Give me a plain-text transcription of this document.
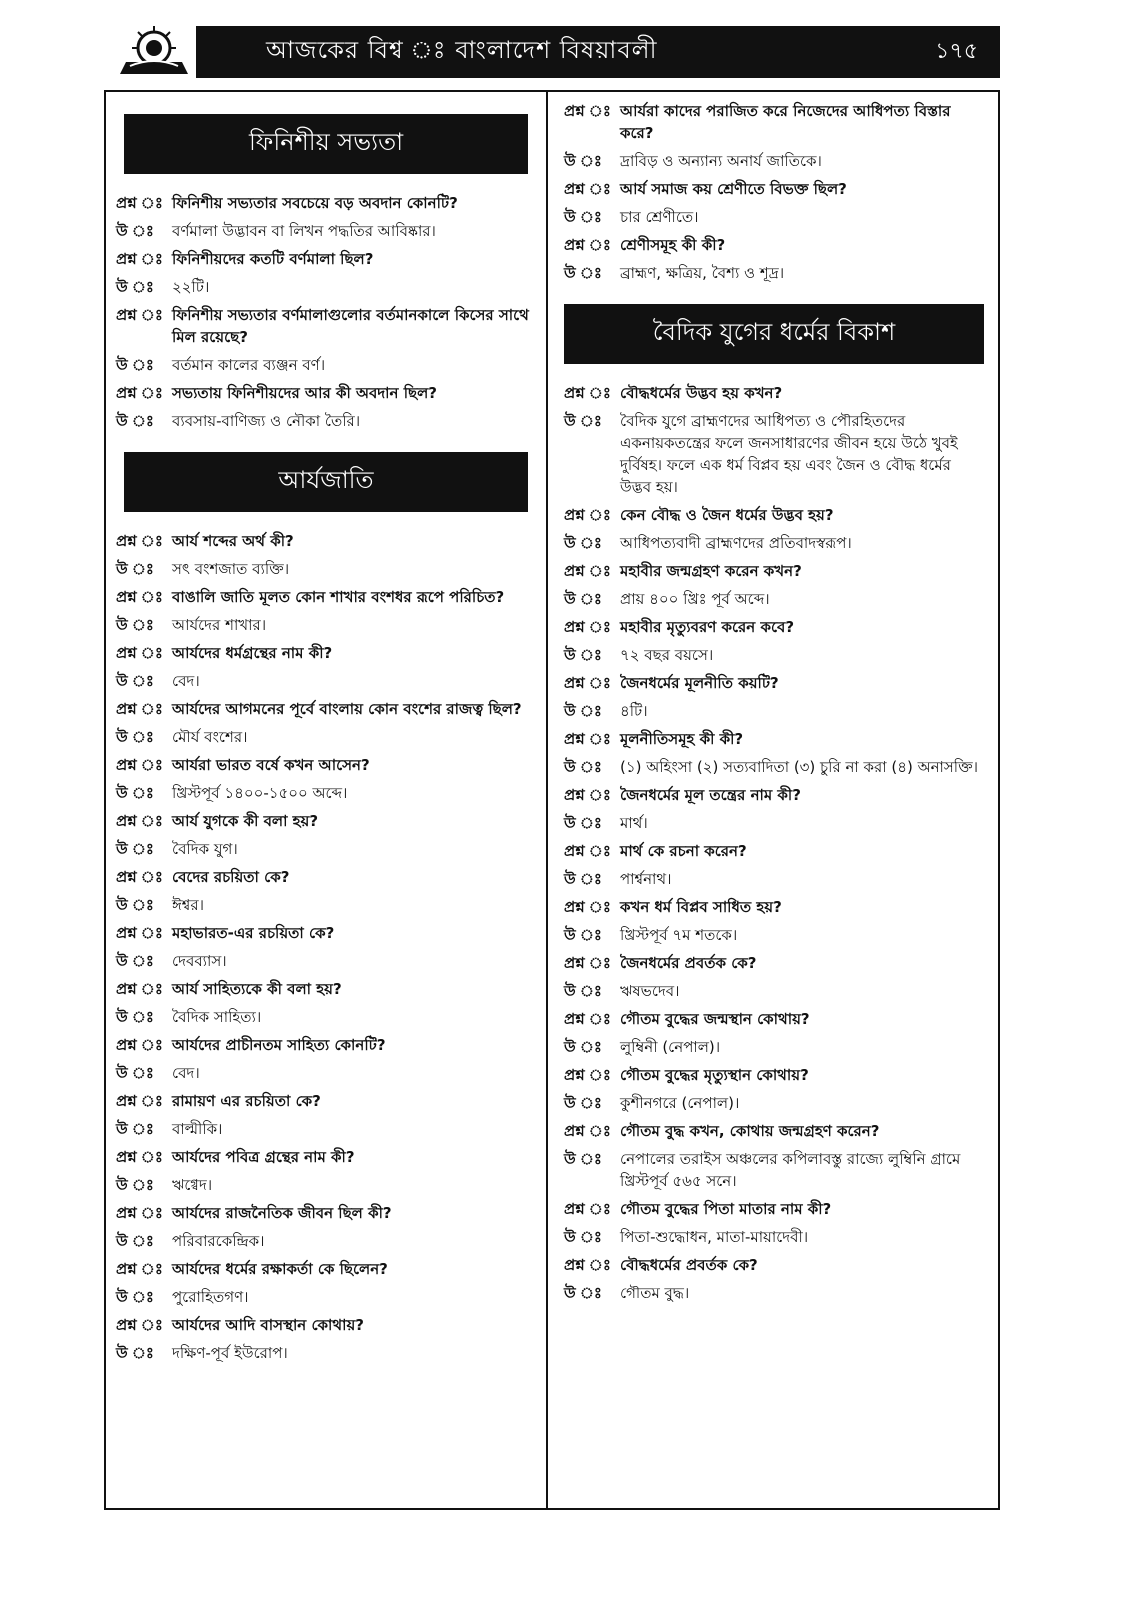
আজকের বিশ্ব ঃ বাংলাদেশ বিষয়াবলী	১৭৫
ফিনিশীয় সভ্যতা
প্রশ্ন ঃ ফিনিশীয় সভ্যতার সবচেয়ে বড় অবদান কোনটি?
উ ঃ	বর্ণমালা উদ্ভাবন বা লিখন পদ্ধতির আবিষ্কার।
প্রশ্ন ঃ ফিনিশীয়দের কতটি বর্ণমালা ছিল?
উ ঃ	২২টি।
প্রশ্ন ঃ ফিনিশীয় সভ্যতার বর্ণমালাগুলোর বর্তমানকালে কিসের সাথে মিল রয়েছে?
উ ঃ	বর্তমান কালের ব্যঞ্জন বর্ণ।
প্রশ্ন ঃ সভ্যতায় ফিনিশীয়দের আর কী অবদান ছিল?
উ ঃ	ব্যবসায়-বাণিজ্য ও নৌকা তৈরি।
আর্যজাতি
প্রশ্ন ঃ আর্য শব্দের অর্থ কী?
উ ঃ	সৎ বংশজাত ব্যক্তি।
প্রশ্ন ঃ বাঙালি জাতি মূলত কোন শাখার বংশধর রূপে পরিচিত?
উ ঃ	আর্যদের শাখার।
প্রশ্ন ঃ আর্যদের ধর্মগ্রন্থের নাম কী?
উ ঃ	বেদ।
প্রশ্ন ঃ আর্যদের আগমনের পূর্বে বাংলায় কোন বংশের রাজত্ব ছিল?
উ ঃ	মৌর্য বংশের।
প্রশ্ন ঃ আর্যরা ভারত বর্ষে কখন আসেন?
উ ঃ	খ্রিস্টপূর্ব ১৪০০-১৫০০ অব্দে।
প্রশ্ন ঃ আর্য যুগকে কী বলা হয়?
উ ঃ	বৈদিক যুগ।
প্রশ্ন ঃ বেদের রচয়িতা কে?
উ ঃ	ঈশ্বর।
প্রশ্ন ঃ মহাভারত-এর রচয়িতা কে?
উ ঃ	দেবব্যাস।
প্রশ্ন ঃ আর্য সাহিত্যকে কী বলা হয়?
উ ঃ	বৈদিক সাহিত্য।
প্রশ্ন ঃ আর্যদের প্রাচীনতম সাহিত্য কোনটি?
উ ঃ	বেদ।
প্রশ্ন ঃ রামায়ণ এর রচয়িতা কে?
উ ঃ	বাল্মীকি।
প্রশ্ন ঃ আর্যদের পবিত্র গ্রন্থের নাম কী?
উ ঃ	ঋগ্বেদ।
প্রশ্ন ঃ আর্যদের রাজনৈতিক জীবন ছিল কী?
উ ঃ	পরিবারকেন্দ্রিক।
প্রশ্ন ঃ আর্যদের ধর্মের রক্ষাকর্তা কে ছিলেন?
উ ঃ	পুরোহিতগণ।
প্রশ্ন ঃ আর্যদের আদি বাসস্থান কোথায়?
উ ঃ	দক্ষিণ-পূর্ব ইউরোপ।
প্রশ্ন ঃ আর্যরা কাদের পরাজিত করে নিজেদের আধিপত্য বিস্তার করে?
উ ঃ	দ্রাবিড় ও অন্যান্য অনার্য জাতিকে।
প্রশ্ন ঃ আর্য সমাজ কয় শ্রেণীতে বিভক্ত ছিল?
উ ঃ	চার শ্রেণীতে।
প্রশ্ন ঃ শ্রেণীসমূহ কী কী?
উ ঃ	ব্রাহ্মণ, ক্ষত্রিয়, বৈশ্য ও শূদ্র।
বৈদিক যুগের ধর্মের বিকাশ
প্রশ্ন ঃ বৌদ্ধধর্মের উদ্ভব হয় কখন?
উ ঃ	বৈদিক যুগে ব্রাহ্মণদের আধিপত্য ও পৌরহিতদের একনায়কতন্ত্রের ফলে জনসাধারণের জীবন হয়ে উঠে খুবই দুর্বিষহ। ফলে এক ধর্ম বিপ্লব হয় এবং জৈন ও বৌদ্ধ ধর্মের উদ্ভব হয়।
প্রশ্ন ঃ কেন বৌদ্ধ ও জৈন ধর্মের উদ্ভব হয়?
উ ঃ	আধিপত্যবাদী ব্রাহ্মণদের প্রতিবাদস্বরূপ।
প্রশ্ন ঃ মহাবীর জন্মগ্রহণ করেন কখন?
উ ঃ	প্রায় ৪০০ খ্রিঃ পূর্ব অব্দে।
প্রশ্ন ঃ মহাবীর মৃত্যুবরণ করেন কবে?
উ ঃ	৭২ বছর বয়সে।
প্রশ্ন ঃ জৈনধর্মের মূলনীতি কয়টি?
উ ঃ	৪টি।
প্রশ্ন ঃ মূলনীতিসমূহ কী কী?
উ ঃ	(১) অহিংসা (২) সত্যবাদিতা (৩) চুরি না করা (৪) অনাসক্তি।
প্রশ্ন ঃ জৈনধর্মের মূল তন্ত্রের নাম কী?
উ ঃ	মার্থ।
প্রশ্ন ঃ মার্থ কে রচনা করেন?
উ ঃ	পার্শ্বনাথ।
প্রশ্ন ঃ কখন ধর্ম বিপ্লব সাধিত হয়?
উ ঃ	খ্রিস্টপূর্ব ৭ম শতকে।
প্রশ্ন ঃ জৈনধর্মের প্রবর্তক কে?
উ ঃ	ঋষভদেব।
প্রশ্ন ঃ গৌতম বুদ্ধের জন্মস্থান কোথায়?
উ ঃ	লুম্বিনী (নেপাল)।
প্রশ্ন ঃ গৌতম বুদ্ধের মৃত্যুস্থান কোথায়?
উ ঃ	কুশীনগরে (নেপাল)।
প্রশ্ন ঃ গৌতম বুদ্ধ কখন, কোথায় জন্মগ্রহণ করেন?
উ ঃ	নেপালের তরাইস অঞ্চলের কপিলাবস্তু রাজ্যে লুম্বিনি গ্রামে খ্রিস্টপূর্ব ৫৬৫ সনে।
প্রশ্ন ঃ গৌতম বুদ্ধের পিতা মাতার নাম কী?
উ ঃ	পিতা-শুদ্ধোধন, মাতা-মায়াদেবী।
প্রশ্ন ঃ বৌদ্ধধর্মের প্রবর্তক কে?
উ ঃ	গৌতম বুদ্ধ।
